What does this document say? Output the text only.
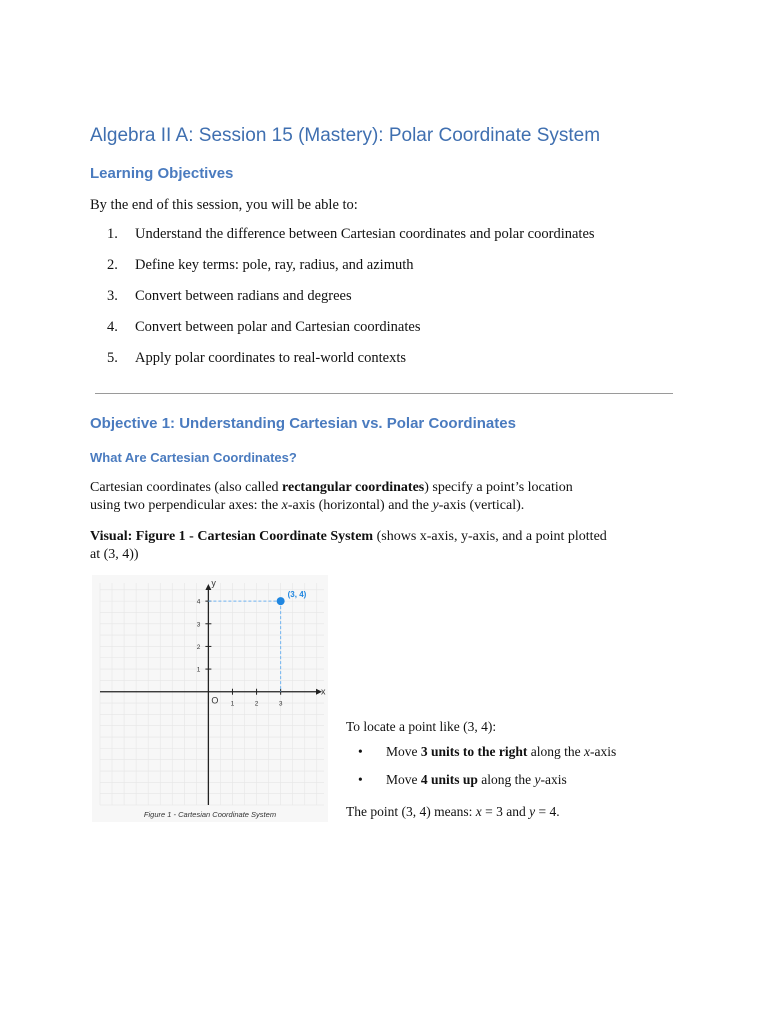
Algebra II A: Session 15 (Mastery): Polar Coordinate System
Learning Objectives

By the end of this session, you will be able to:

1.	Understand the difference between Cartesian coordinates and polar coordinates
2.	Define key terms: pole, ray, radius, and azimuth
3.	Convert between radians and degrees
4.	Convert between polar and Cartesian coordinates
5.	Apply polar coordinates to real-world contexts
Objective 1: Understanding Cartesian vs. Polar Coordinates
What Are Cartesian Coordinates?

Cartesian coordinates (also called rectangular coordinates) specify a point’s location
using two perpendicular axes: the x-axis (horizontal) and the y-axis (vertical).

Visual: Figure 1 - Cartesian Coordinate System (shows x-axis, y-axis, and a point plotted
at (3, 4))

1	2	3
1
2
3
4
(3, 4)
x
y
O
Figure 1 - Cartesian Coordinate System

To locate a point like (3, 4):

•	Move 3 units to the right along the x-axis
•	Move 4 units up along the y-axis

The point (3, 4) means: x = 3 and y = 4.
